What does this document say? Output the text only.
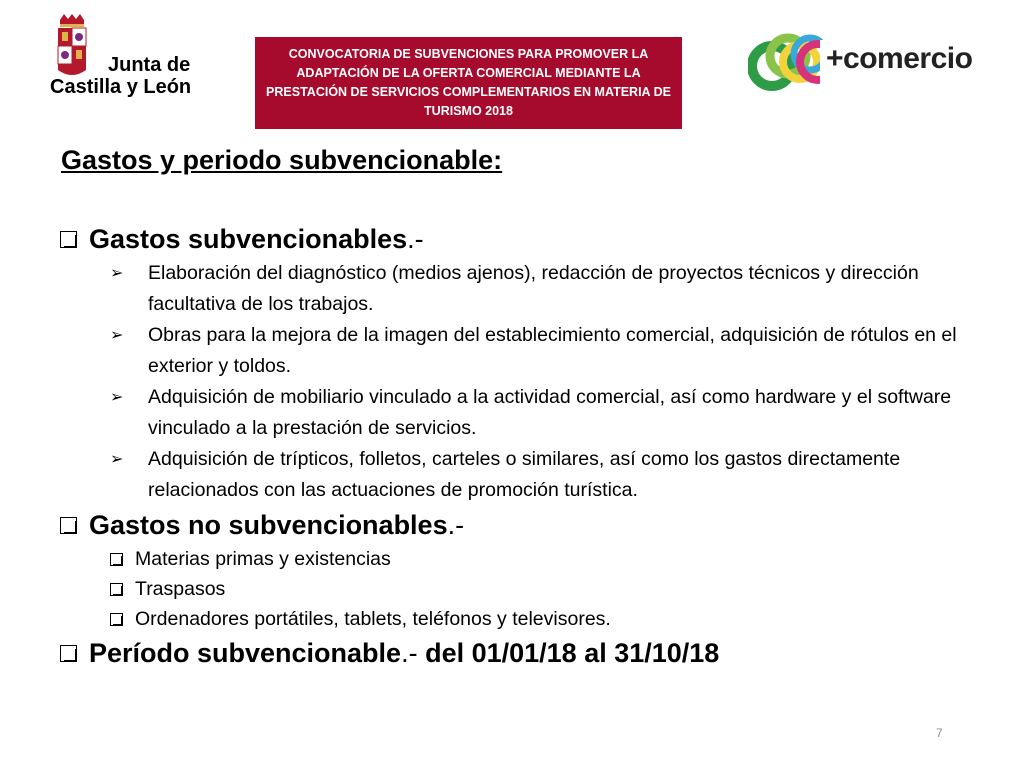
Junta de
Castilla y León
CONVOCATORIA DE SUBVENCIONES PARA PROMOVER LA ADAPTACIÓN DE LA OFERTA COMERCIAL MEDIANTE LA PRESTACIÓN DE SERVICIOS COMPLEMENTARIOS EN MATERIA DE TURISMO 2018
+comercio
Gastos y periodo subvencionable:
Gastos subvencionables .-
➢ Elaboración del diagnóstico (medios ajenos), redacción de proyectos técnicos y dirección facultativa de los trabajos.
➢ Obras para la mejora de la imagen del establecimiento comercial, adquisición de rótulos en el exterior y toldos.
➢ Adquisición de mobiliario vinculado a la actividad comercial, así como hardware y el software vinculado a la prestación de servicios.
➢ Adquisición de trípticos, folletos, carteles o similares, así como los gastos directamente relacionados con las actuaciones de promoción turística.
Gastos no subvencionables .-
Materias primas y existencias
Traspasos
Ordenadores portátiles, tablets, teléfonos y televisores.
Período subvencionable .- del 01/01/18 al 31/10/18
7
